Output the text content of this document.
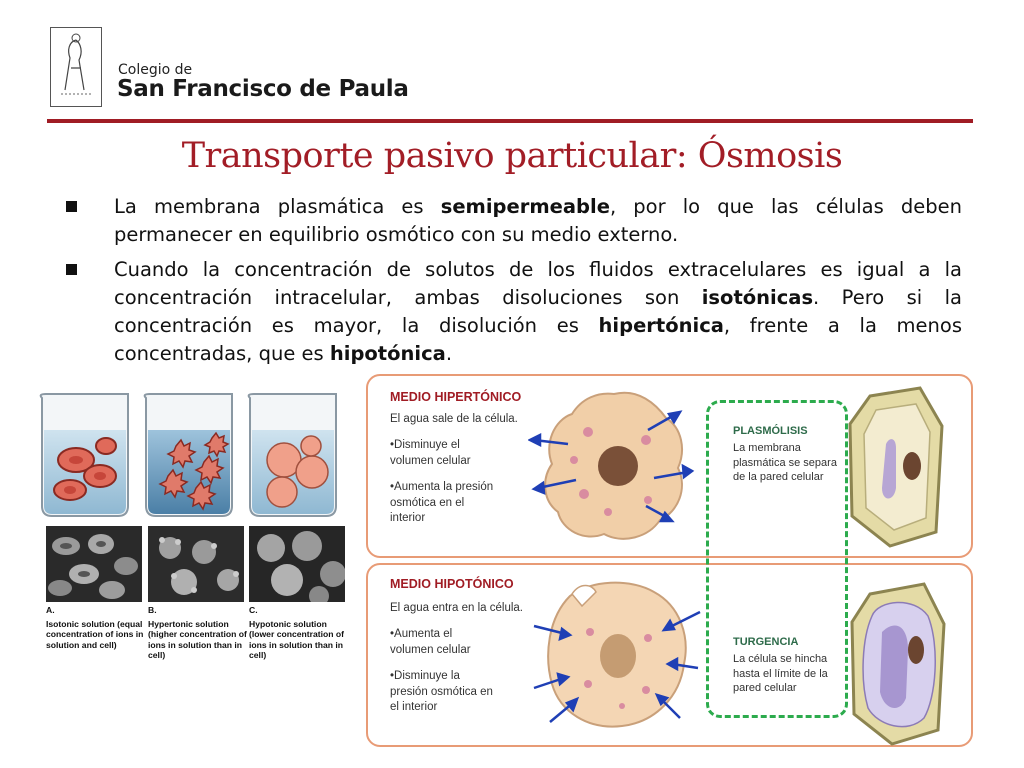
Colegio de
San Francisco de Paula
Transporte pasivo particular: Ósmosis
La membrana plasmática es semipermeable, por lo que las células deben permanecer en equilibrio osmótico con su medio externo.
Cuando la concentración de solutos de los fluidos extracelulares es igual a la concentración intracelular, ambas disoluciones son isotónicas. Pero si la concentración es mayor, la disolución es hipertónica, frente a la menos concentradas, que es hipotónica.
A.
Isotonic solution (equal concentration of ions in solution and cell)
B.
Hypertonic solution (higher concentration of ions in solution than in cell)
C.
Hypotonic solution (lower concentration of ions in solution than in cell)
MEDIO HIPERTÓNICO
El agua sale de la célula.
•Disminuye el volumen celular
•Aumenta la presión osmótica en el interior
MEDIO HIPOTÓNICO
El agua entra en la célula.
•Aumenta el volumen celular
•Disminuye la presión osmótica en el interior
PLASMÓLISIS
La membrana plasmática se separa de la pared celular
TURGENCIA
La célula se hincha hasta el límite de la pared celular
